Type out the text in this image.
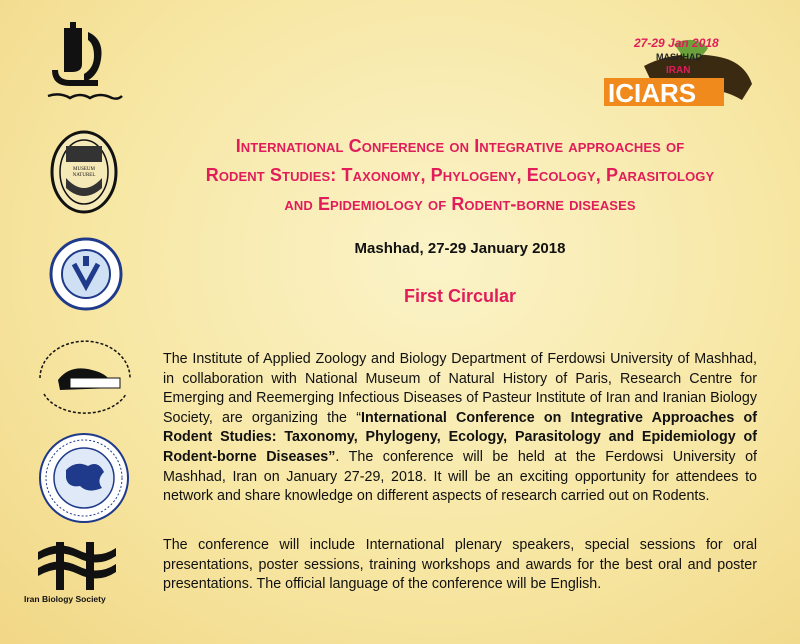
MUSEUM
NATUREL
Iran Biology Society
27-29 Jan 2018
MASHHAD
IRAN
ICIARS
International Conference on Integrative approaches of
Rodent Studies: Taxonomy, Phylogeny, Ecology, Parasitology
and Epidemiology of Rodent-borne diseases
Mashhad, 27-29 January 2018
First Circular

The Institute of Applied Zoology and Biology Department of Ferdowsi University of Mashhad, in collaboration with National Museum of Natural History of Paris, Research Centre for Emerging and Reemerging Infectious Diseases of Pasteur Institute of Iran and Iranian Biology Society, are organizing the “International Conference on Integrative Approaches of Rodent Studies: Taxonomy, Phylogeny, Ecology, Parasitology and Epidemiology of Rodent-borne Diseases”. The conference will be held at the Ferdowsi University of Mashhad, Iran on January 27-29, 2018. It will be an exciting opportunity for attendees to network and share knowledge on different aspects of research carried out on Rodents.

The conference will include International plenary speakers, special sessions for oral presentations, poster sessions, training workshops and awards for the best oral and poster presentations. The official language of the conference will be English.
